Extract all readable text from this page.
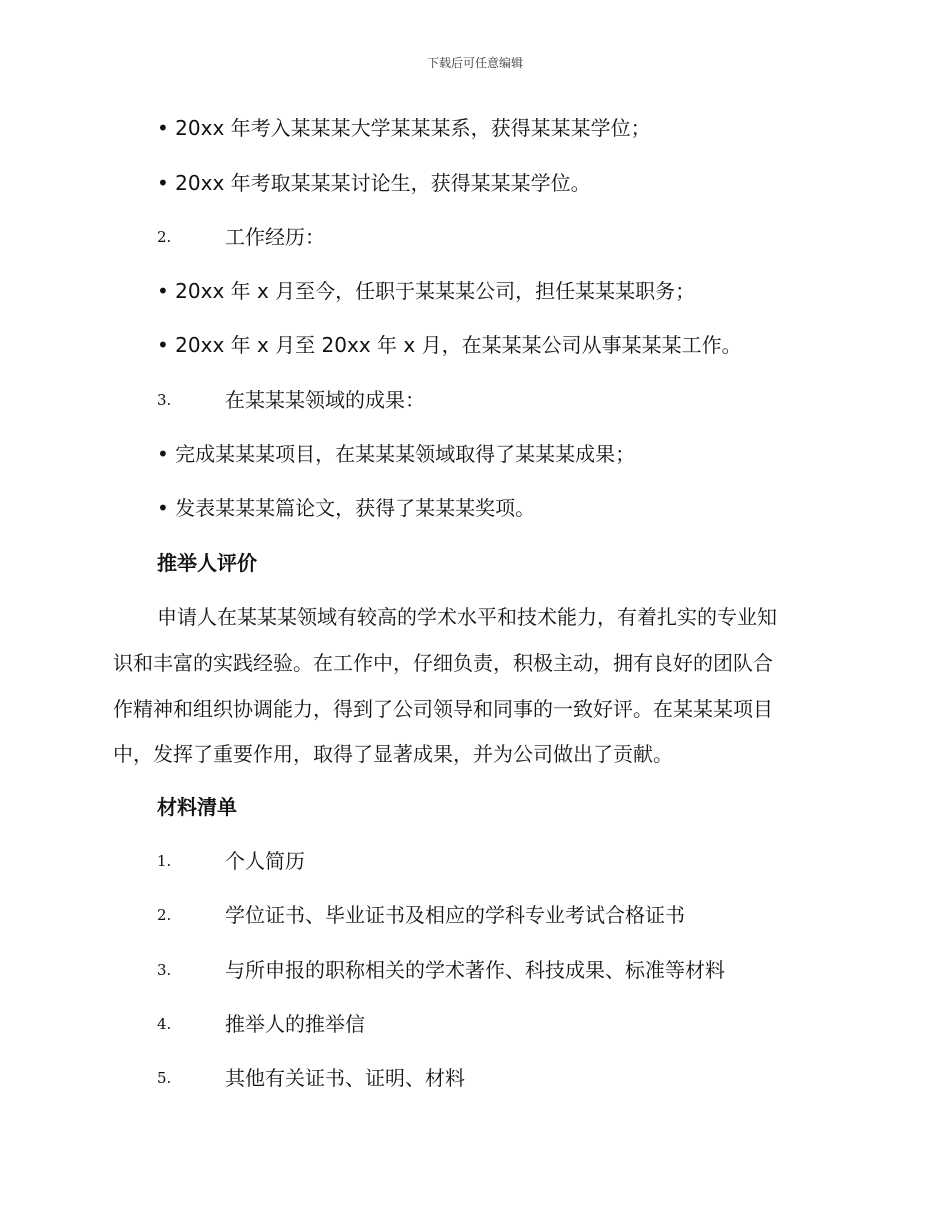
下载后可任意编辑
• 20xx 年考入某某某大学某某某系，获得某某某学位；
• 20xx 年考取某某某讨论生，获得某某某学位。
2.	工作经历：
• 20xx 年 x 月至今，任职于某某某公司，担任某某某职务；
• 20xx 年 x 月至 20xx 年 x 月，在某某某公司从事某某某工作。
3.	在某某某领域的成果：
• 完成某某某项目，在某某某领域取得了某某某成果；
• 发表某某某篇论文，获得了某某某奖项。
推举人评价
申请人在某某某领域有较高的学术水平和技术能力，有着扎实的专业知
识和丰富的实践经验。在工作中，仔细负责，积极主动，拥有良好的团队合
作精神和组织协调能力，得到了公司领导和同事的一致好评。在某某某项目
中，发挥了重要作用，取得了显著成果，并为公司做出了贡献。
材料清单
1.	个人简历
2.	学位证书、毕业证书及相应的学科专业考试合格证书
3.	与所申报的职称相关的学术著作、科技成果、标准等材料
4.	推举人的推举信
5.	其他有关证书、证明、材料
